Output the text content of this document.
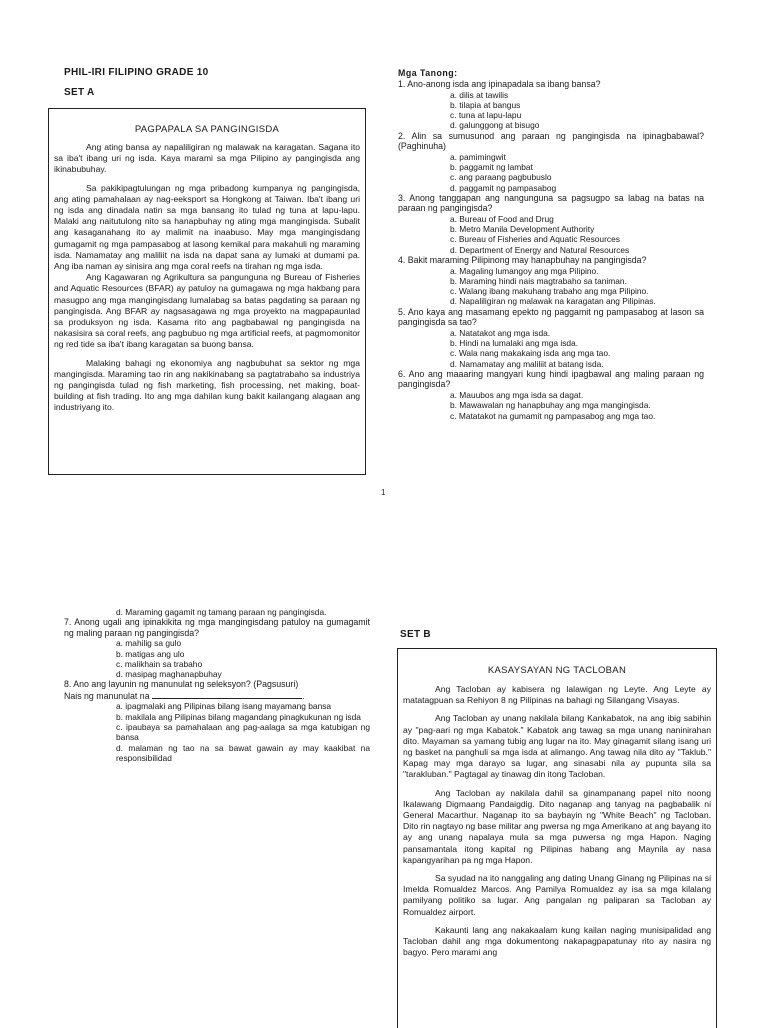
PHIL-IRI FILIPINO GRADE 10
SET A
PAGPAPALA SA PANGINGISDA

Ang ating bansa ay napaliligiran ng malawak na karagatan. Sagana ito sa iba't ibang uri ng isda. Kaya marami sa mga Pilipino ay pangingisda ang ikinabubuhay.

Sa pakikipagtulungan ng mga pribadong kumpanya ng pangingisda, ang ating pamahalaan ay nag-eeksport sa Hongkong at Taiwan. Iba't ibang uri ng isda ang dinadala natin sa mga bansang ito tulad ng tuna at lapu-lapu. Malaki ang naitutulong nito sa hanapbuhay ng ating mga mangingisda. Subalit ang kasaganahang ito ay malimit na inaabuso. May mga mangingisdang gumagamit ng mga pampasabog at lasong kemikal para makahuli ng maraming isda. Namamatay ang maliliit na isda na dapat sana ay lumaki at dumami pa. Ang iba naman ay sinisira ang mga coral reefs na tirahan ng mga isda.

Ang Kagawaran ng Agrikultura sa pangunguna ng Bureau of Fisheries and Aquatic Resources (BFAR) ay patuloy na gumagawa ng mga hakbang para masugpo ang mga mangingisdang lumalabag sa batas pagdating sa paraan ng pangingisda. Ang BFAR ay nagsasagawa ng mga proyekto na magpapaunlad sa produksyon ng isda. Kasama rito ang pagbabawal ng pangingisda na nakasisira sa coral reefs, ang pagbubuo ng mga artificial reefs, at pagmomonitor ng red tide sa iba't ibang karagatan sa buong bansa.

Malaking bahagi ng ekonomiya ang nagbubuhat sa sektor ng mga mangingisda. Maraming tao rin ang nakikinabang sa pagtatrabaho sa industriya ng pangingisda tulad ng fish marketing, fish processing, net making, boat-building at fish trading. Ito ang mga dahilan kung bakit kailangang alagaan ang industriyang ito.

Mga Tanong:

1. Ano-anong isda ang ipinapadala sa ibang bansa?

a. dilis at tawilis

b. tilapia at bangus

c. tuna at lapu-lapu

d. galunggong at bisugo

2. Alin sa sumusunod ang paraan ng pangingisda na ipinagbabawal? (Paghinuha)

a. pamimingwit

b. paggamit ng lambat

c. ang paraang pagbubuslo

d. paggamit ng pampasabog

3. Anong tanggapan ang nangunguna sa pagsugpo sa labag na batas na paraan ng pangingisda?

a. Bureau of Food and Drug

b. Metro Manila Development Authority

c. Bureau of Fisheries and Aquatic Resources

d. Department of Energy and Natural Resources

4. Bakit maraming Pilipinong may hanapbuhay na pangingisda?

a. Magaling lumangoy ang mga Pilipino.

b. Maraming hindi nais magtrabaho sa taniman.

c. Walang ibang makuhang trabaho ang mga Pilipino.

d. Napaliligiran ng malawak na karagatan ang Pilipinas.

5. Ano kaya ang masamang epekto ng paggamit ng pampasabog at lason sa pangingisda sa tao?

a. Natatakot ang mga isda.

b. Hindi na lumalaki ang mga isda.

c. Wala nang makakaing isda ang mga tao.

d. Namamatay ang maliliit at batang isda.

6. Ano ang maaaring mangyari kung hindi ipagbawal ang maling paraan ng pangingisda?

a. Mauubos ang mga isda sa dagat.

b. Mawawalan ng hanapbuhay ang mga mangingisda.

c. Matatakot na gumamit ng pampasabog ang mga tao.

1

d. Maraming gagamit ng tamang paraan ng pangingisda.

7. Anong ugali ang ipinakikita ng mga mangingisdang patuloy na gumagamit ng maling paraan ng pangingisda?

a. mahilig sa gulo

b. matigas ang ulo

c. malikhain sa trabaho

d. masipag maghanapbuhay

8. Ano ang layunin ng manunulat ng seleksyon? (Pagsusuri)

Nais ng manunulat na	.

a. ipagmalaki ang Pilipinas bilang isang mayamang bansa

b. makilala ang Pilipinas bilang magandang pinagkukunan ng isda

c. ipaubaya sa pamahalaan ang pag-aalaga sa mga katubigan ng bansa

d. malaman ng tao na sa bawat gawain ay may kaakibat na responsibilidad

SET B
KASAYSAYAN NG TACLOBAN

Ang Tacloban ay kabisera ng lalawigan ng Leyte. Ang Leyte ay matatagpuan sa Rehiyon 8 ng Pilipinas na bahagi ng Silangang Visayas.

Ang Tacloban ay unang nakilala bilang Kankabatok, na ang ibig sabihin ay "pag-aari ng mga Kabatok." Kabatok ang tawag sa mga unang naninirahan dito. Mayaman sa yamang tubig ang lugar na ito. May ginagamit silang isang uri ng basket na panghuli sa mga isda at alimango. Ang tawag nila dito ay "Taklub." Kapag may mga darayo sa lugar, ang sinasabi nila ay pupunta sila sa "tarakluban." Pagtagal ay tinawag din itong Tacloban.

Ang Tacloban ay nakilala dahil sa ginampanang papel nito noong Ikalawang Digmaang Pandaigdig. Dito naganap ang tanyag na pagbabalik ni General Macarthur. Naganap ito sa baybayin ng "White Beach" ng Tacloban. Dito rin nagtayo ng base militar ang pwersa ng mga Amerikano at ang bayang ito ay ang unang napalaya mula sa mga puwersa ng mga Hapon. Naging pansamantala itong kapital ng Pilipinas habang ang Maynila ay nasa kapangyarihan pa ng mga Hapon.

Sa syudad na ito nanggaling ang dating Unang Ginang ng Pilipinas na si Imelda Romualdez Marcos. Ang Pamilya Romualdez ay isa sa mga kilalang pamilyang politiko sa lugar. Ang pangalan ng paliparan sa Tacloban ay Romualdez airport.

Kakaunti lang ang nakakaalam kung kailan naging munisipalidad ang Tacloban dahil ang mga dokumentong nakapagpapatunay rito ay nasira ng bagyo. Pero marami ang
